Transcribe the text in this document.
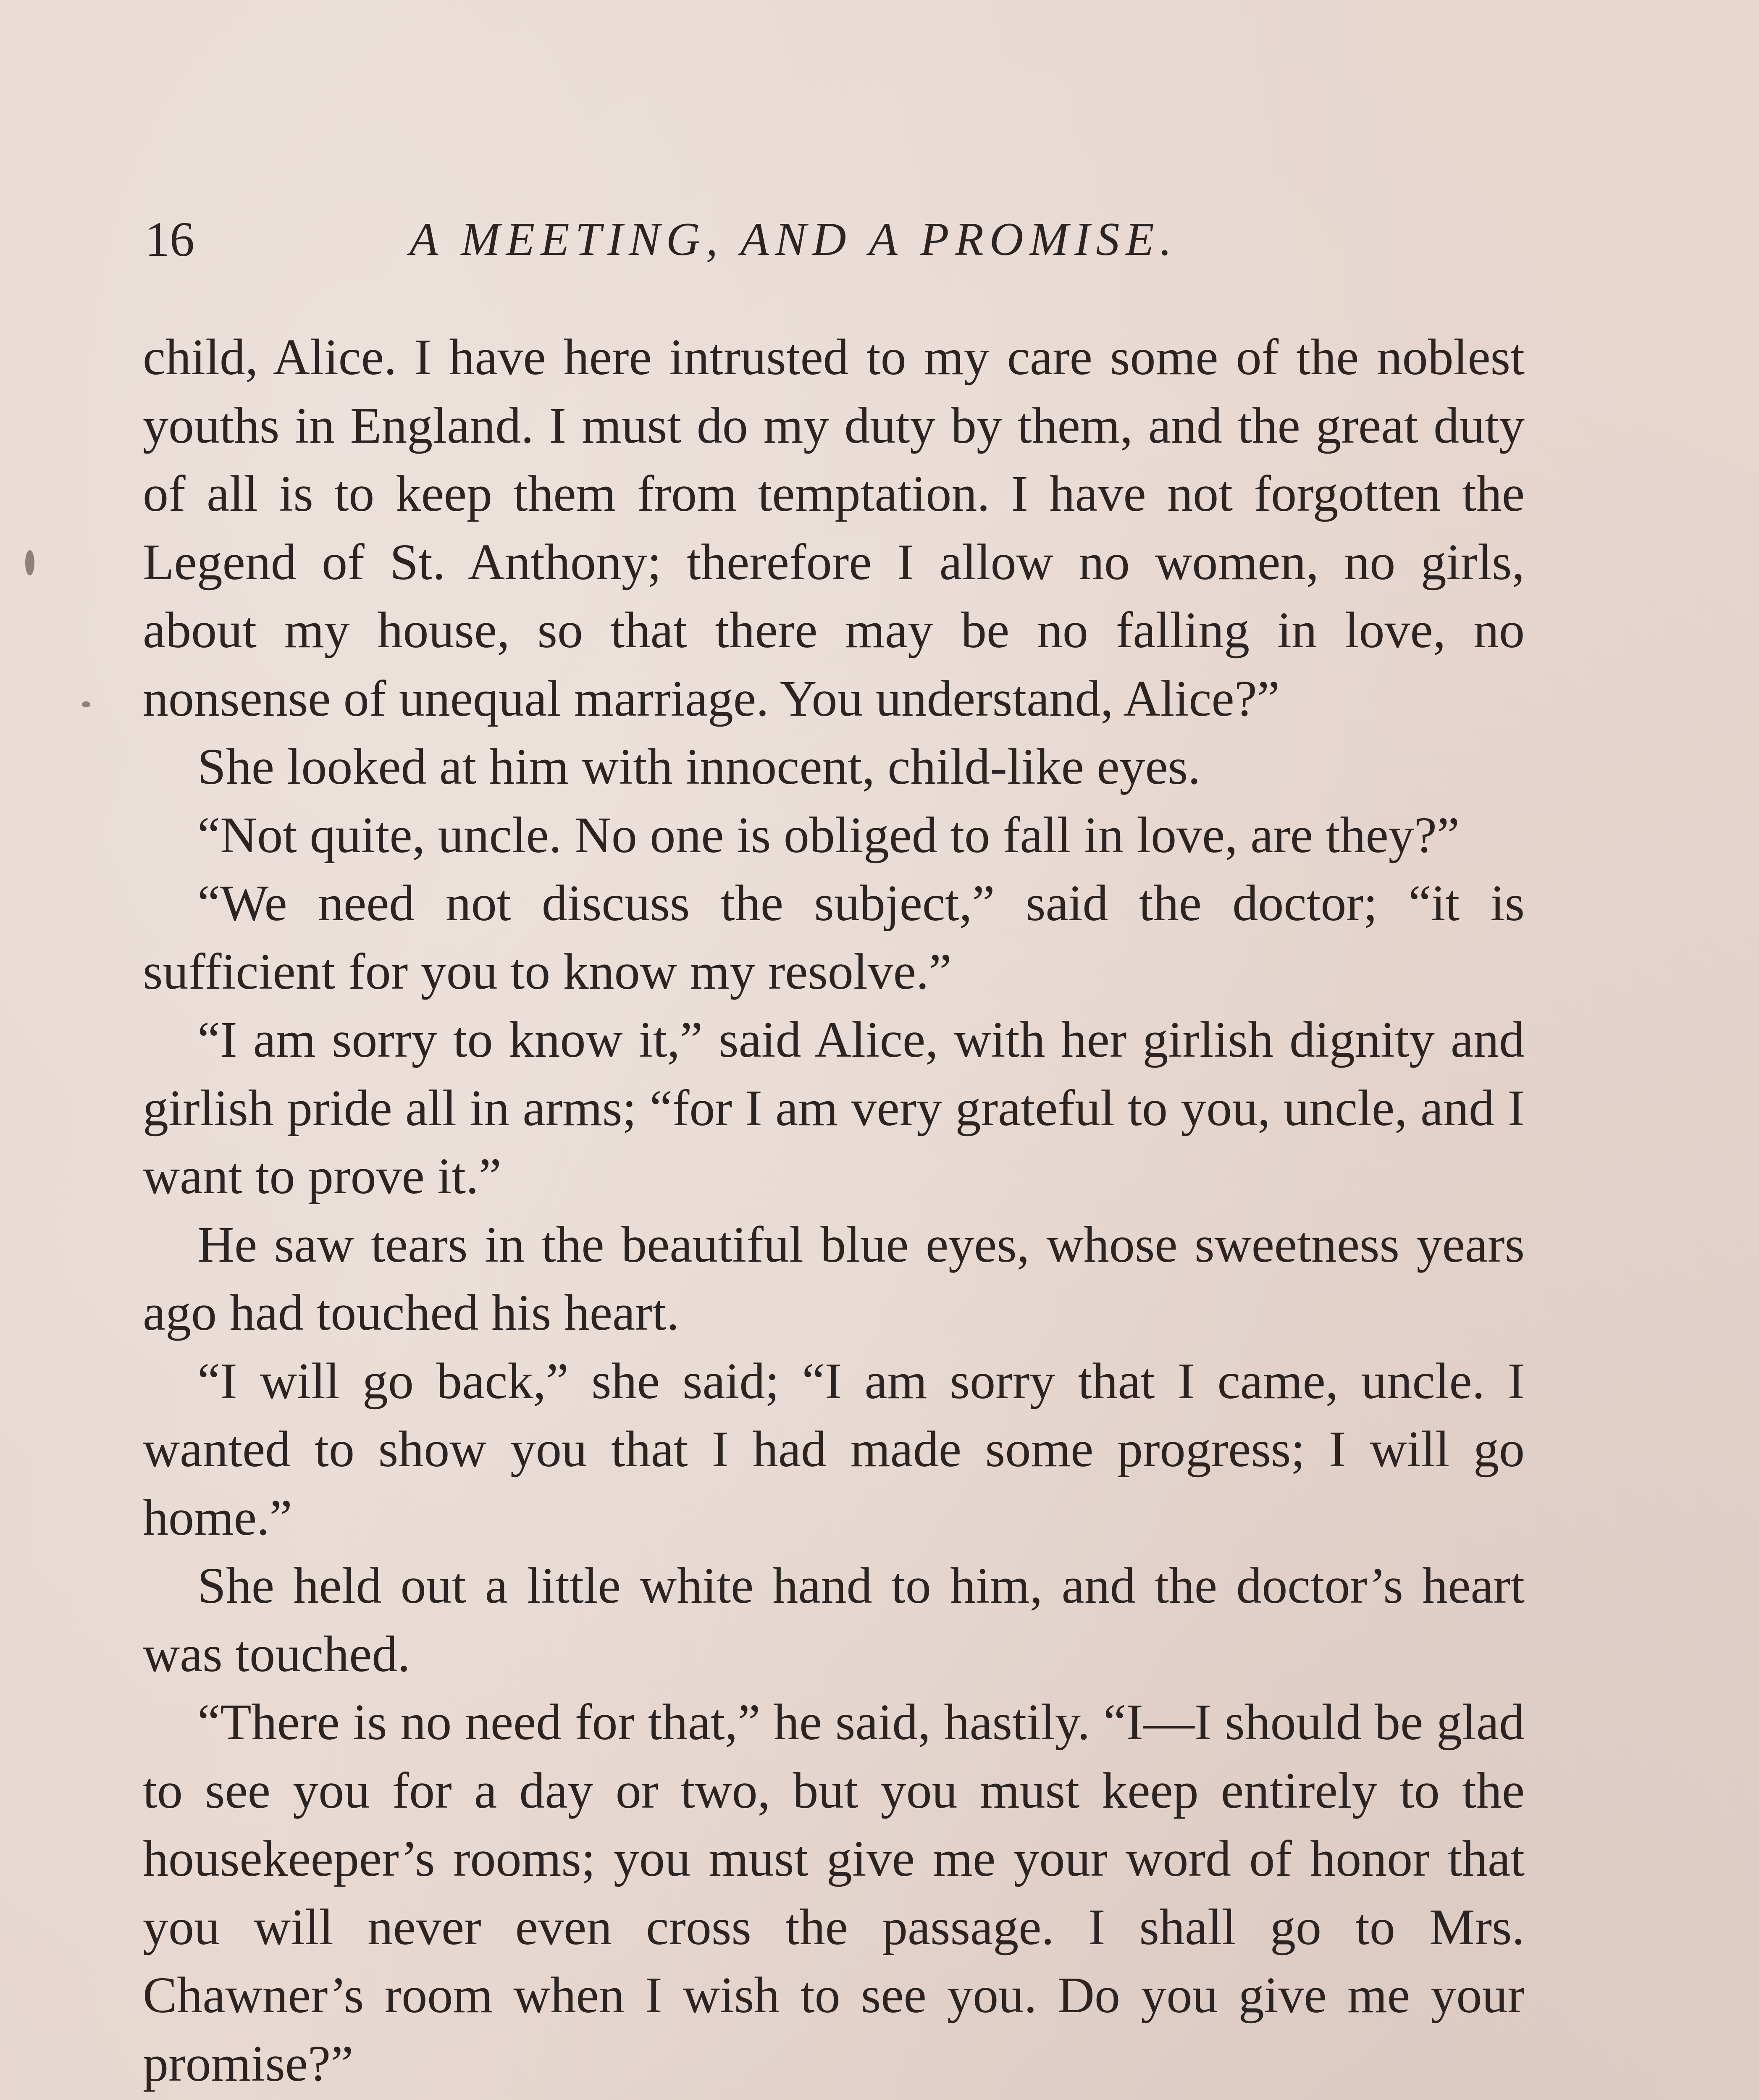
16	A MEETING, AND A PROMISE.

child, Alice. I have here intrusted to my care some of the noblest youths in England. I must do my duty by them, and the great duty of all is to keep them from temptation. I have not forgotten the Legend of St. Anthony; therefore I allow no women, no girls, about my house, so that there may be no falling in love, no nonsense of unequal marriage. You understand, Alice?”

She looked at him with innocent, child-like eyes.

“Not quite, uncle. No one is obliged to fall in love, are they?”

“We need not discuss the subject,” said the doctor; “it is sufficient for you to know my resolve.”

“I am sorry to know it,” said Alice, with her girlish dignity and girlish pride all in arms; “for I am very grateful to you, uncle, and I want to prove it.”

He saw tears in the beautiful blue eyes, whose sweetness years ago had touched his heart.

“I will go back,” she said; “I am sorry that I came, uncle. I wanted to show you that I had made some progress; I will go home.”

She held out a little white hand to him, and the doctor’s heart was touched.

“There is no need for that,” he said, hastily. “I—I should be glad to see you for a day or two, but you must keep entirely to the housekeeper’s rooms; you must give me your word of honor that you will never even cross the passage. I shall go to Mrs. Chawner’s room when I wish to see you. Do you give me your promise?”
